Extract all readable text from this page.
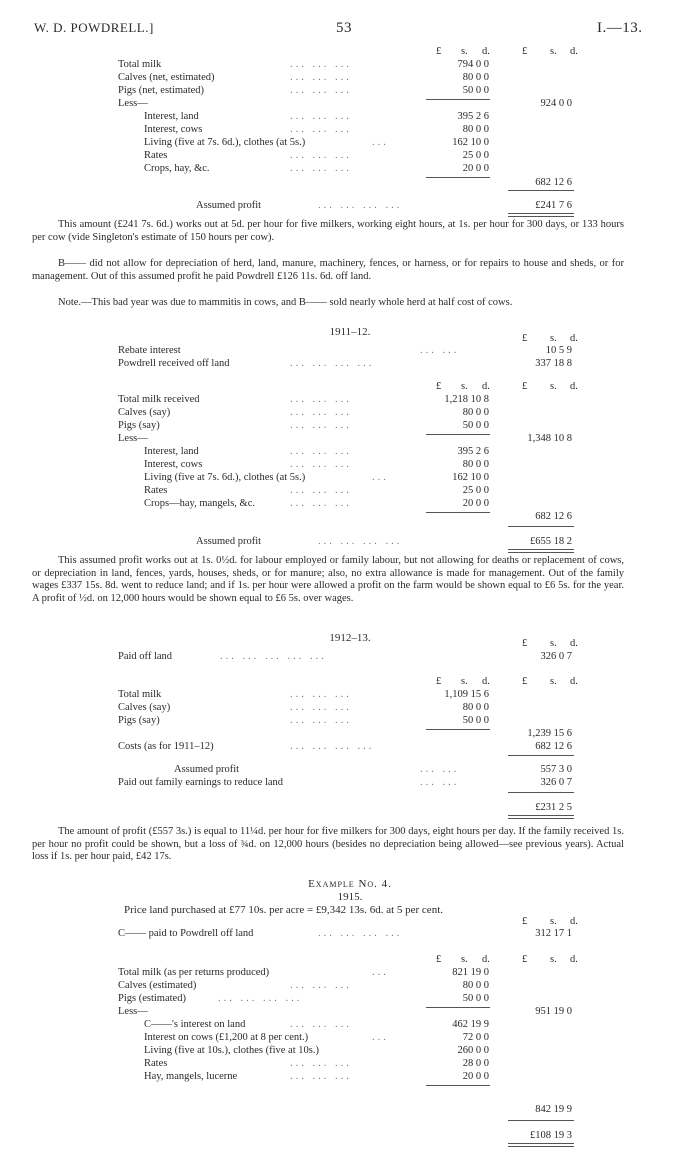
W. D. POWDRELL.]	53	I.—13.
£ s. d.	£ s. d.
Total milk	... ... ...	794 0 0
Calves (net, estimated)	... ... ...	80 0 0
Pigs (net, estimated)	... ... ...	50 0 0
Less—	924 0 0
Interest, land	... ... ...	395 2 6
Interest, cows	... ... ...	80 0 0
Living (five at 7s. 6d.), clothes (at 5s.)	...	162 10 0
Rates	... ... ...	25 0 0
Crops, hay, &c.	... ... ...	20 0 0
682 12 6
Assumed profit	... ... ... ...	£241 7 6
This amount (£241 7s. 6d.) works out at 5d. per hour for five milkers, working eight hours, at 1s. per hour for 300 days, or 133 hours per cow (vide Singleton's estimate of 150 hours per cow).
B—— did not allow for depreciation of herd, land, manure, machinery, fences, or harness, or for repairs to house and sheds, or for management. Out of this assumed profit he paid Powdrell £126 11s. 6d. off land.
Note.—This bad year was due to mammitis in cows, and B—— sold nearly whole herd at half cost of cows.
1911–12.
£ s. d.
Rebate interest	... ...	10 5 9
Powdrell received off land	... ... ... ...	337 18 8
£ s. d.	£ s. d.
Total milk received	... ... ...	1,218 10 8
Calves (say)	... ... ...	80 0 0
Pigs (say)	... ... ...	50 0 0
Less—	1,348 10 8
Interest, land	... ... ...	395 2 6
Interest, cows	... ... ...	80 0 0
Living (five at 7s. 6d.), clothes (at 5s.)	...	162 10 0
Rates	... ... ...	25 0 0
Crops—hay, mangels, &c.	... ... ...	20 0 0
682 12 6
Assumed profit	... ... ... ...	£655 18 2
This assumed profit works out at 1s. 0½d. for labour employed or family labour, but not allowing for deaths or replacement of cows, or depreciation in land, fences, yards, houses, sheds, or for manure; also, no extra allowance is made for management. Out of the family wages £337 15s. 8d. went to reduce land; and if 1s. per hour were allowed a profit on the farm would be shown equal to £6 5s. for the year. A profit of ½d. on 12,000 hours would be shown equal to £6 5s. over wages.
1912–13.	£ s. d.
Paid off land	... ... ... ... ...	326 0 7
£ s. d.	£ s. d.
Total milk	... ... ...	1,109 15 6
Calves (say)	... ... ...	80 0 0
Pigs (say)	... ... ...	50 0 0
1,239 15 6
Costs (as for 1911–12)	... ... ... ...	682 12 6
Assumed profit	... ...	557 3 0
Paid out family earnings to reduce land	... ...	326 0 7
£231 2 5
The amount of profit (£557 3s.) is equal to 11¼d. per hour for five milkers for 300 days, eight hours per day. If the family received 1s. per hour no profit could be shown, but a loss of ¾d. on 12,000 hours (besides no depreciation being allowed—see previous years). Actual loss if 1s. per hour paid, £42 17s.
Example No. 4.
1915.
Price land purchased at £77 10s. per acre = £9,342 13s. 6d. at 5 per cent.
£ s. d.
C—— paid to Powdrell off land	... ... ... ...	312 17 1
£ s. d.	£ s. d.
Total milk (as per returns produced)	...	821 19 0
Calves (estimated)	... ... ...	80 0 0
Pigs (estimated)	... ... ... ...	50 0 0
Less—	951 19 0
C——'s interest on land	... ... ...	462 19 9
Interest on cows (£1,200 at 8 per cent.)	...	72 0 0
Living (five at 10s.), clothes (five at 10s.)	260 0 0
Rates	... ... ...	28 0 0
Hay, mangels, lucerne	... ... ...	20 0 0
842 19 9
£108 19 3
